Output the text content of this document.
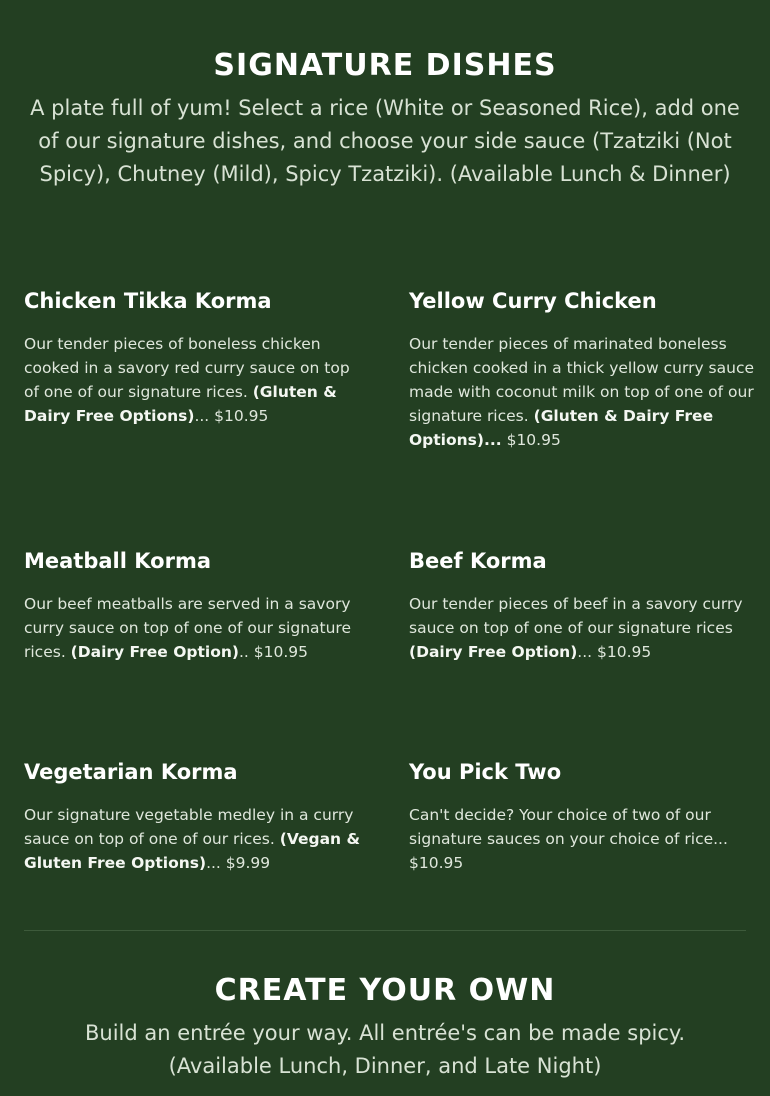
SIGNATURE DISHES

A plate full of yum! Select a rice (White or Seasoned Rice), add one of our signature dishes, and choose your side sauce (Tzatziki (Not Spicy), Chutney (Mild), Spicy Tzatziki). (Available Lunch & Dinner)

Chicken Tikka Korma

Our tender pieces of boneless chicken cooked in a savory red curry sauce on top of one of our signature rices. (Gluten & Dairy Free Options)... $10.95

Yellow Curry Chicken

Our tender pieces of marinated boneless chicken cooked in a thick yellow curry sauce made with coconut milk on top of one of our signature rices. (Gluten & Dairy Free Options)... $10.95

Meatball Korma

Our beef meatballs are served in a savory curry sauce on top of one of our signature rices. (Dairy Free Option).. $10.95

Beef Korma

Our tender pieces of beef in a savory curry sauce on top of one of our signature rices (Dairy Free Option)... $10.95

Vegetarian Korma

Our signature vegetable medley in a curry sauce on top of one of our rices. (Vegan & Gluten Free Options)... $9.99

You Pick Two

Can't decide? Your choice of two of our signature sauces on your choice of rice... $10.95

CREATE YOUR OWN

Build an entrée your way. All entrée's can be made spicy. (Available Lunch, Dinner, and Late Night)
